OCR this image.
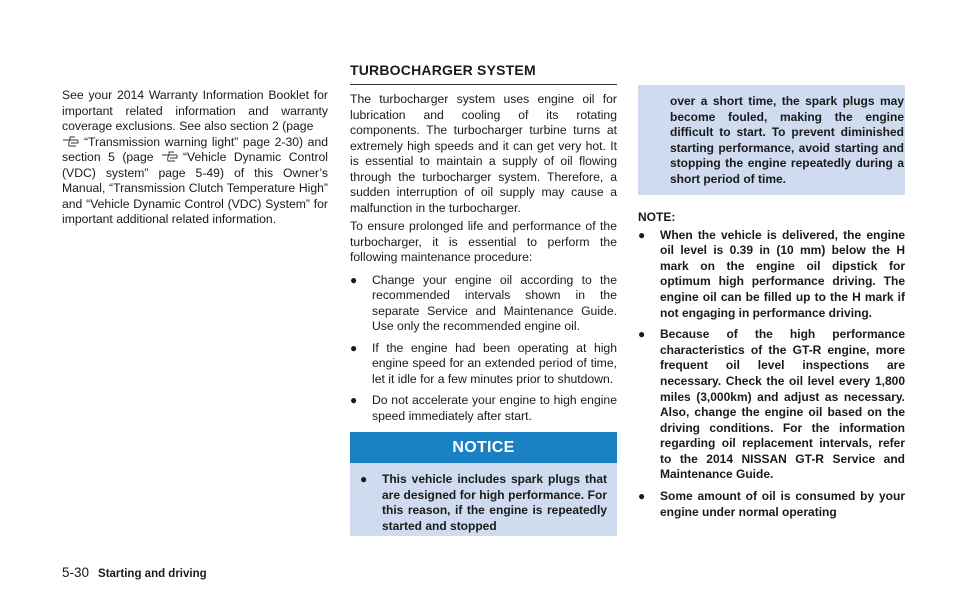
See your 2014 Warranty Information Booklet for important related information and warranty coverage exclusions. See also section 2 (page
“Transmission warning light” page 2-30) and section 5 (page “Vehicle Dynamic Control (VDC) system” page 5-49) of this Owner’s Manual, “Transmission Clutch Temperature High” and “Vehicle Dynamic Control (VDC) System” for important additional related information.

TURBOCHARGER SYSTEM

The turbocharger system uses engine oil for lubrication and cooling of its rotating components. The turbocharger turbine turns at extremely high speeds and it can get very hot. It is essential to maintain a supply of oil flowing through the turbocharger system. Therefore, a sudden interruption of oil supply may cause a malfunction in the turbocharger.

To ensure prolonged life and performance of the turbocharger, it is essential to perform the following maintenance procedure:

● Change your engine oil according to the recommended intervals shown in the separate Service and Maintenance Guide. Use only the recommended engine oil.
● If the engine had been operating at high engine speed for an extended period of time, let it idle for a few minutes prior to shutdown.
● Do not accelerate your engine to high engine speed immediately after start.
NOTICE
● This vehicle includes spark plugs that are designed for high performance. For this reason, if the engine is repeatedly started and stopped

over a short time, the spark plugs may become fouled, making the engine difficult to start. To prevent diminished starting performance, avoid starting and stopping the engine repeatedly during a short period of time.

NOTE:
● When the vehicle is delivered, the engine oil level is 0.39 in (10 mm) below the H mark on the engine oil dipstick for optimum high performance driving. The engine oil can be filled up to the H mark if not engaging in performance driving.
● Because of the high performance characteristics of the GT-R engine, more frequent oil level inspections are necessary. Check the oil level every 1,800 miles (3,000km) and adjust as necessary. Also, change the engine oil based on the driving conditions. For the information regarding oil replacement intervals, refer to the 2014 NISSAN GT-R Service and Maintenance Guide.
● Some amount of oil is consumed by your engine under normal operating
5-30 Starting and driving
